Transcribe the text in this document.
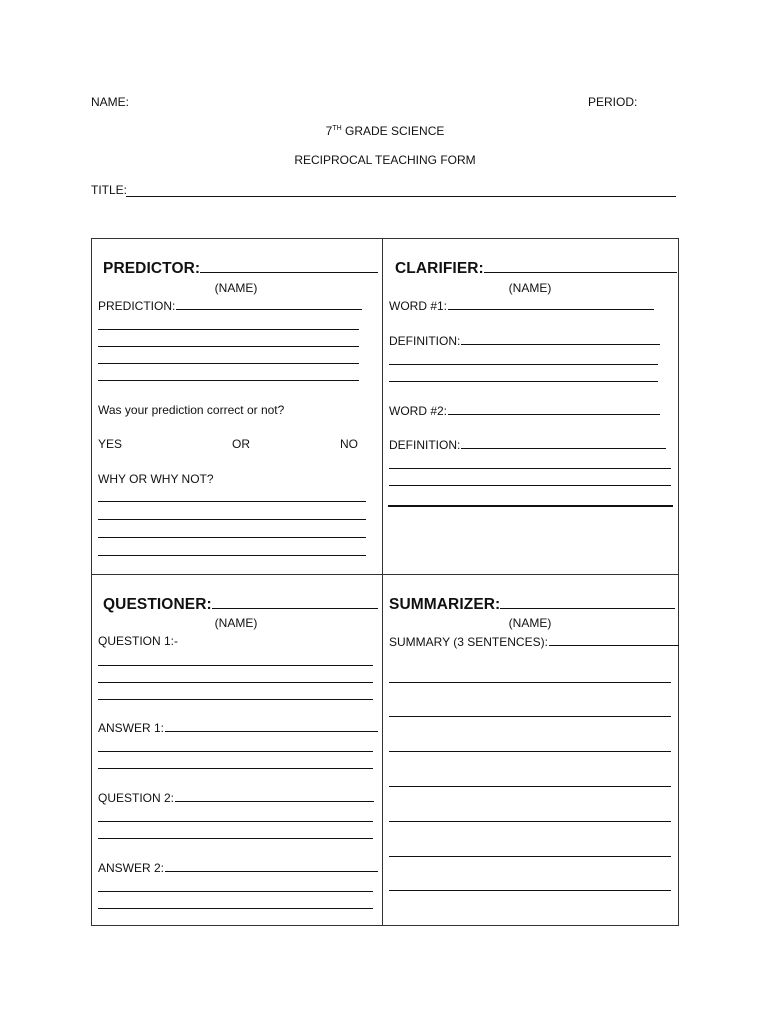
NAME:	PERIOD:
7TH GRADE SCIENCE
RECIPROCAL TEACHING FORM
TITLE:
PREDICTOR:
(NAME)
PREDICTION:
Was your prediction correct or not?
YES	OR	NO
WHY OR WHY NOT?
CLARIFIER:
(NAME)
WORD #1:
DEFINITION:
WORD #2:
DEFINITION:
QUESTIONER:
(NAME)
QUESTION 1:-
ANSWER 1:
QUESTION 2:
ANSWER 2:
SUMMARIZER:
(NAME)
SUMMARY (3 SENTENCES):
